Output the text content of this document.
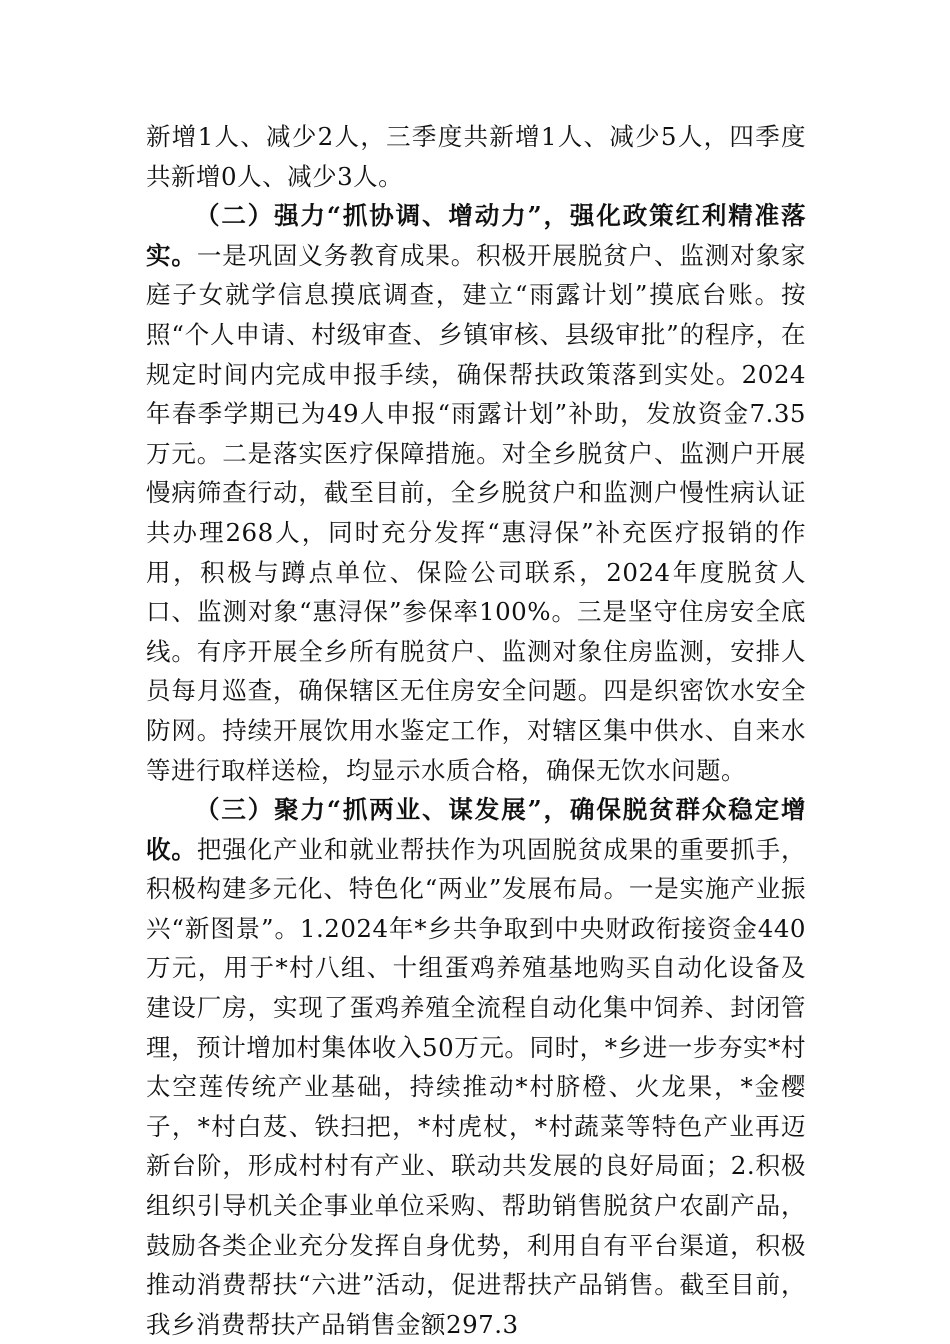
新增1人、减少2人，三季度共新增1人、减少5人，四季度共新增0人、减少3人。

（二）强力“抓协调、增动力”，强化政策红利精准落实。一是巩固义务教育成果。积极开展脱贫户、监测对象家庭子女就学信息摸底调查，建立“雨露计划”摸底台账。按照“个人申请、村级审查、乡镇审核、县级审批”的程序，在规定时间内完成申报手续，确保帮扶政策落到实处。2024年春季学期已为49人申报“雨露计划”补助，发放资金7.35万元。二是落实医疗保障措施。对全乡脱贫户、监测户开展慢病筛查行动，截至目前，全乡脱贫户和监测户慢性病认证共办理268人，同时充分发挥“惠浔保”补充医疗报销的作用，积极与蹲点单位、保险公司联系，2024年度脱贫人口、监测对象“惠浔保”参保率100%。三是坚守住房安全底线。有序开展全乡所有脱贫户、监测对象住房监测，安排人员每月巡查，确保辖区无住房安全问题。四是织密饮水安全防网。持续开展饮用水鉴定工作，对辖区集中供水、自来水等进行取样送检，均显示水质合格，确保无饮水问题。

（三）聚力“抓两业、谋发展”，确保脱贫群众稳定增收。把强化产业和就业帮扶作为巩固脱贫成果的重要抓手，积极构建多元化、特色化“两业”发展布局。一是实施产业振兴“新图景”。1.2024年*乡共争取到中央财政衔接资金440万元，用于*村八组、十组蛋鸡养殖基地购买自动化设备及建设厂房，实现了蛋鸡养殖全流程自动化集中饲养、封闭管理，预计增加村集体收入50万元。同时，*乡进一步夯实*村太空莲传统产业基础，持续推动*村脐橙、火龙果，*金樱子，*村白芨、铁扫把，*村虎杖，*村蔬菜等特色产业再迈新台阶，形成村村有产业、联动共发展的良好局面；2.积极组织引导机关企事业单位采购、帮助销售脱贫户农副产品，鼓励各类企业充分发挥自身优势，利用自有平台渠道，积极推动消费帮扶“六进”活动，促进帮扶产品销售。截至目前，我乡消费帮扶产品销售金额297.3
